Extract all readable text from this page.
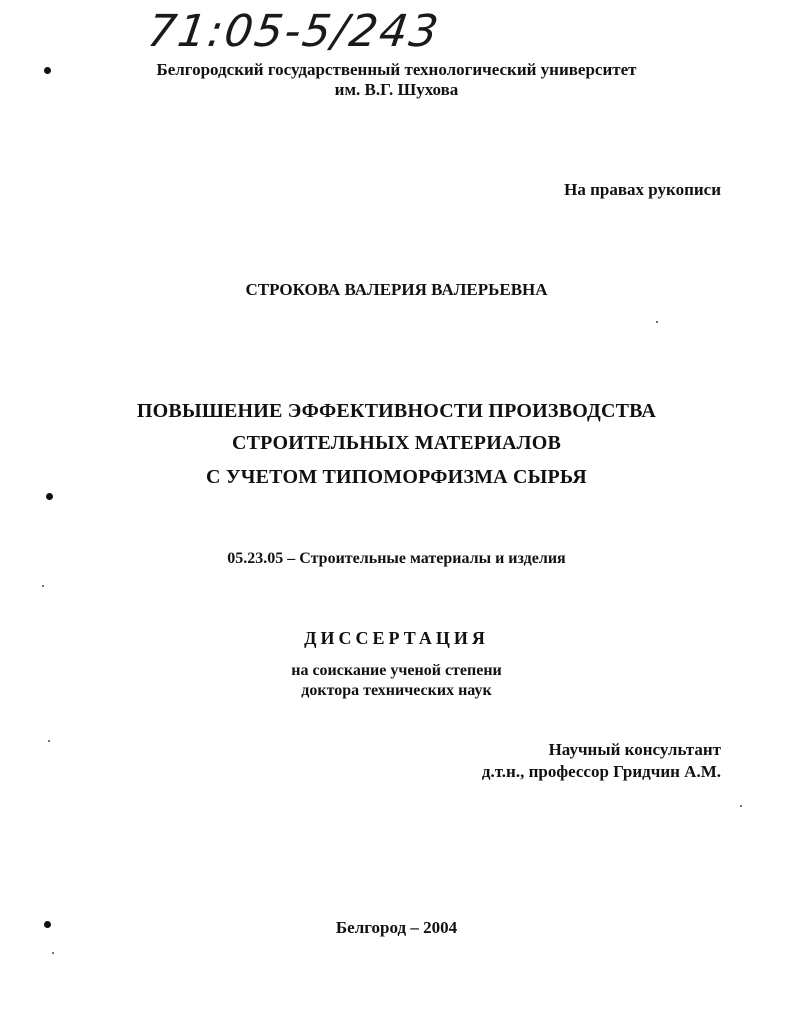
71:05-5/243
Белгородский государственный технологический университет
им. В.Г. Шухова
На правах рукописи
СТРОКОВА ВАЛЕРИЯ ВАЛЕРЬЕВНА
ПОВЫШЕНИЕ ЭФФЕКТИВНОСТИ ПРОИЗВОДСТВА
СТРОИТЕЛЬНЫХ МАТЕРИАЛОВ
С УЧЕТОМ ТИПОМОРФИЗМА СЫРЬЯ
05.23.05 – Строительные материалы и изделия
ДИССЕРТАЦИЯ
на соискание ученой степени
доктора технических наук
Научный консультант
д.т.н., профессор Гридчин А.М.
Белгород – 2004
